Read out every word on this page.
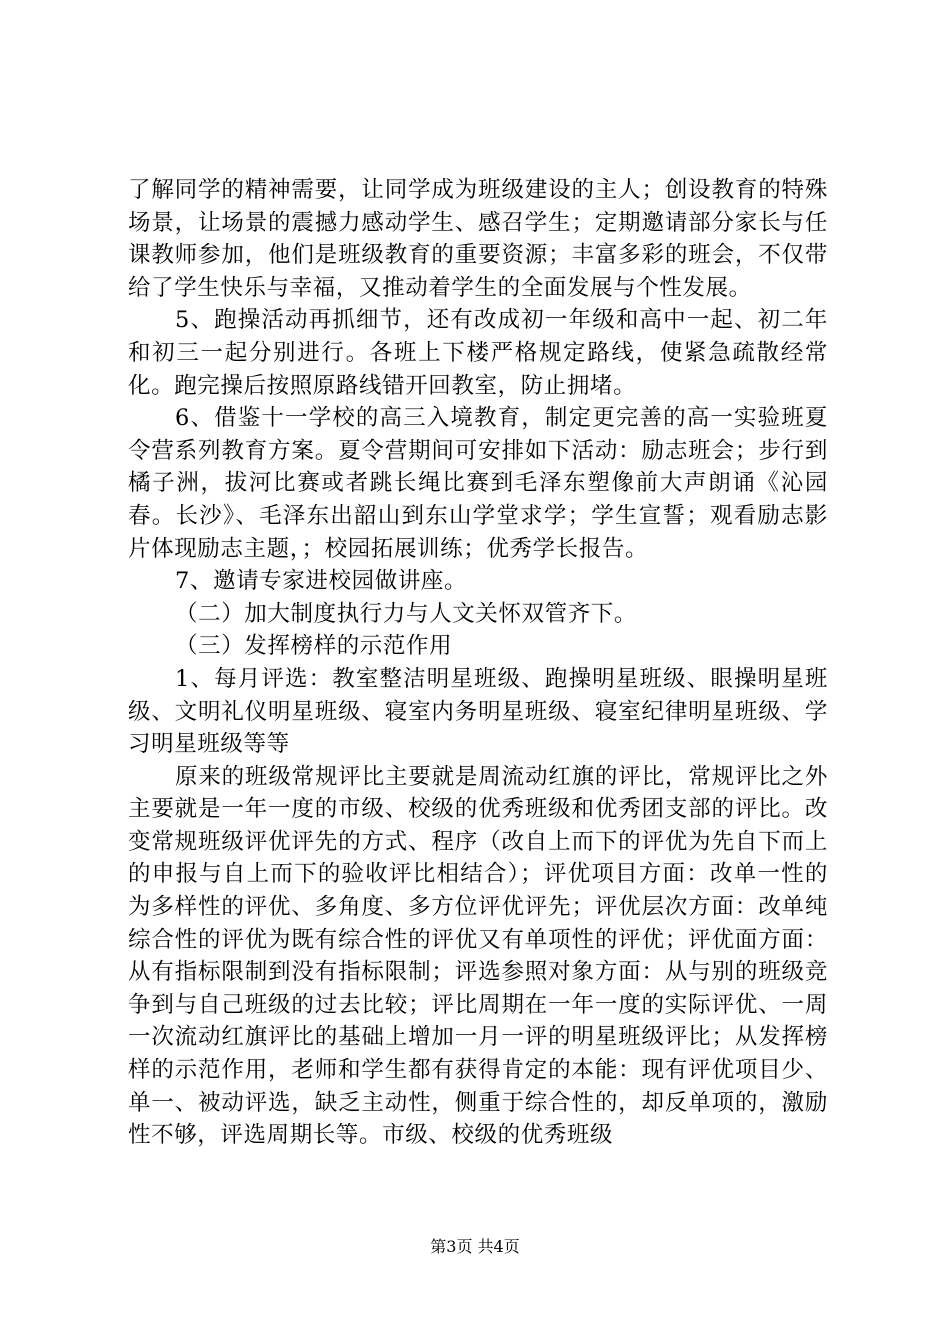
了解同学的精神需要，让同学成为班级建设的主人；创设教育的特殊场景，让场景的震撼力感动学生、感召学生；定期邀请部分家长与任课教师参加，他们是班级教育的重要资源；丰富多彩的班会，不仅带给了学生快乐与幸福，又推动着学生的全面发展与个性发展。

5、跑操活动再抓细节，还有改成初一年级和高中一起、初二年和初三一起分别进行。各班上下楼严格规定路线，使紧急疏散经常化。跑完操后按照原路线错开回教室，防止拥堵。

6、借鉴十一学校的高三入境教育，制定更完善的高一实验班夏令营系列教育方案。夏令营期间可安排如下活动：励志班会；步行到橘子洲，拔河比赛或者跳长绳比赛到毛泽东塑像前大声朗诵《沁园春。长沙》、毛泽东出韶山到东山学堂求学；学生宣誓；观看励志影片体现励志主题，；校园拓展训练；优秀学长报告。

7、邀请专家进校园做讲座。

（二）加大制度执行力与人文关怀双管齐下。

（三）发挥榜样的示范作用

1、每月评选：教室整洁明星班级、跑操明星班级、眼操明星班级、文明礼仪明星班级、寝室内务明星班级、寝室纪律明星班级、学习明星班级等等

原来的班级常规评比主要就是周流动红旗的评比，常规评比之外主要就是一年一度的市级、校级的优秀班级和优秀团支部的评比。改变常规班级评优评先的方式、程序（改自上而下的评优为先自下而上的申报与自上而下的验收评比相结合）；评优项目方面：改单一性的为多样性的评优、多角度、多方位评优评先；评优层次方面：改单纯综合性的评优为既有综合性的评优又有单项性的评优；评优面方面：从有指标限制到没有指标限制；评选参照对象方面：从与别的班级竞争到与自己班级的过去比较；评比周期在一年一度的实际评优、一周一次流动红旗评比的基础上增加一月一评的明星班级评比；从发挥榜样的示范作用，老师和学生都有获得肯定的本能：现有评优项目少、单一、被动评选，缺乏主动性，侧重于综合性的，却反单项的，激励性不够，评选周期长等。市级、校级的优秀班级

第3页 共4页
